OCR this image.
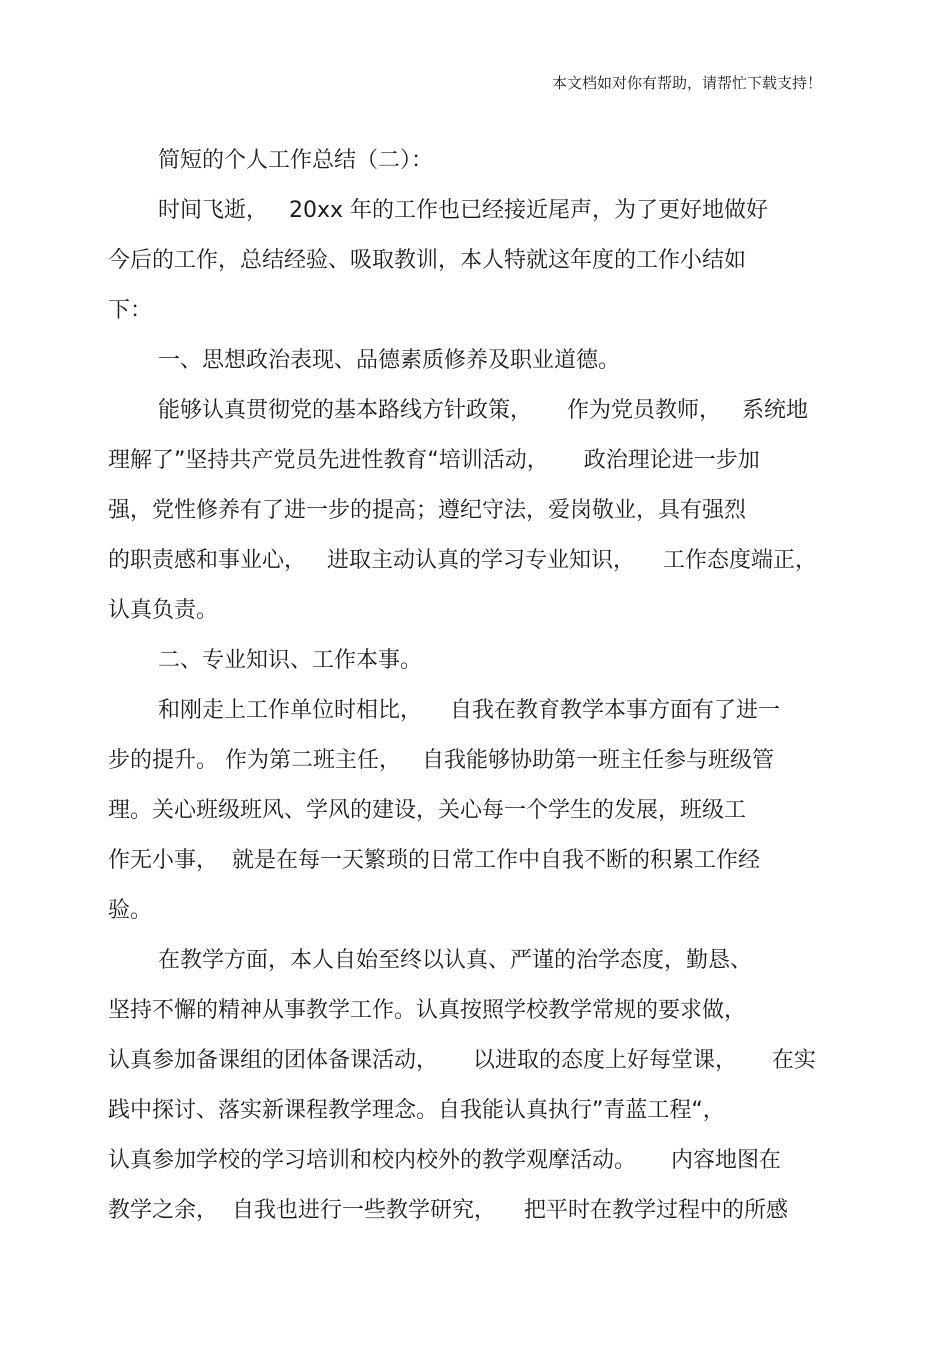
本文档如对你有帮助，请帮忙下载支持！
简短的个人工作总结（二）：
时间飞逝，   20xx 年的工作也已经接近尾声，为了更好地做好
今后的工作，总结经验、吸取教训，本人特就这年度的工作小结如
下：
一、思想政治表现、品德素质修养及职业道德。
能够认真贯彻党的基本路线方针政策，     作为党员教师，   系统地
理解了”坚持共产党员先进性教育“培训活动，     政治理论进一步加
强，党性修养有了进一步的提高；遵纪守法，爱岗敬业，具有强烈
的职责感和事业心，   进取主动认真的学习专业知识，    工作态度端正，
认真负责。
二、专业知识、工作本事。
和刚走上工作单位时相比，    自我在教育教学本事方面有了进一
步的提升。 作为第二班主任，   自我能够协助第一班主任参与班级管
理。关心班级班风、学风的建设，关心每一个学生的发展，班级工
作无小事，  就是在每一天繁琐的日常工作中自我不断的积累工作经
验。
在教学方面，本人自始至终以认真、严谨的治学态度，勤恳、
坚持不懈的精神从事教学工作。认真按照学校教学常规的要求做，
认真参加备课组的团体备课活动，     以进取的态度上好每堂课，     在实
践中探讨、落实新课程教学理念。自我能认真执行”青蓝工程“，
认真参加学校的学习培训和校内校外的教学观摩活动。     内容地图在
教学之余，  自我也进行一些教学研究，    把平时在教学过程中的所感
